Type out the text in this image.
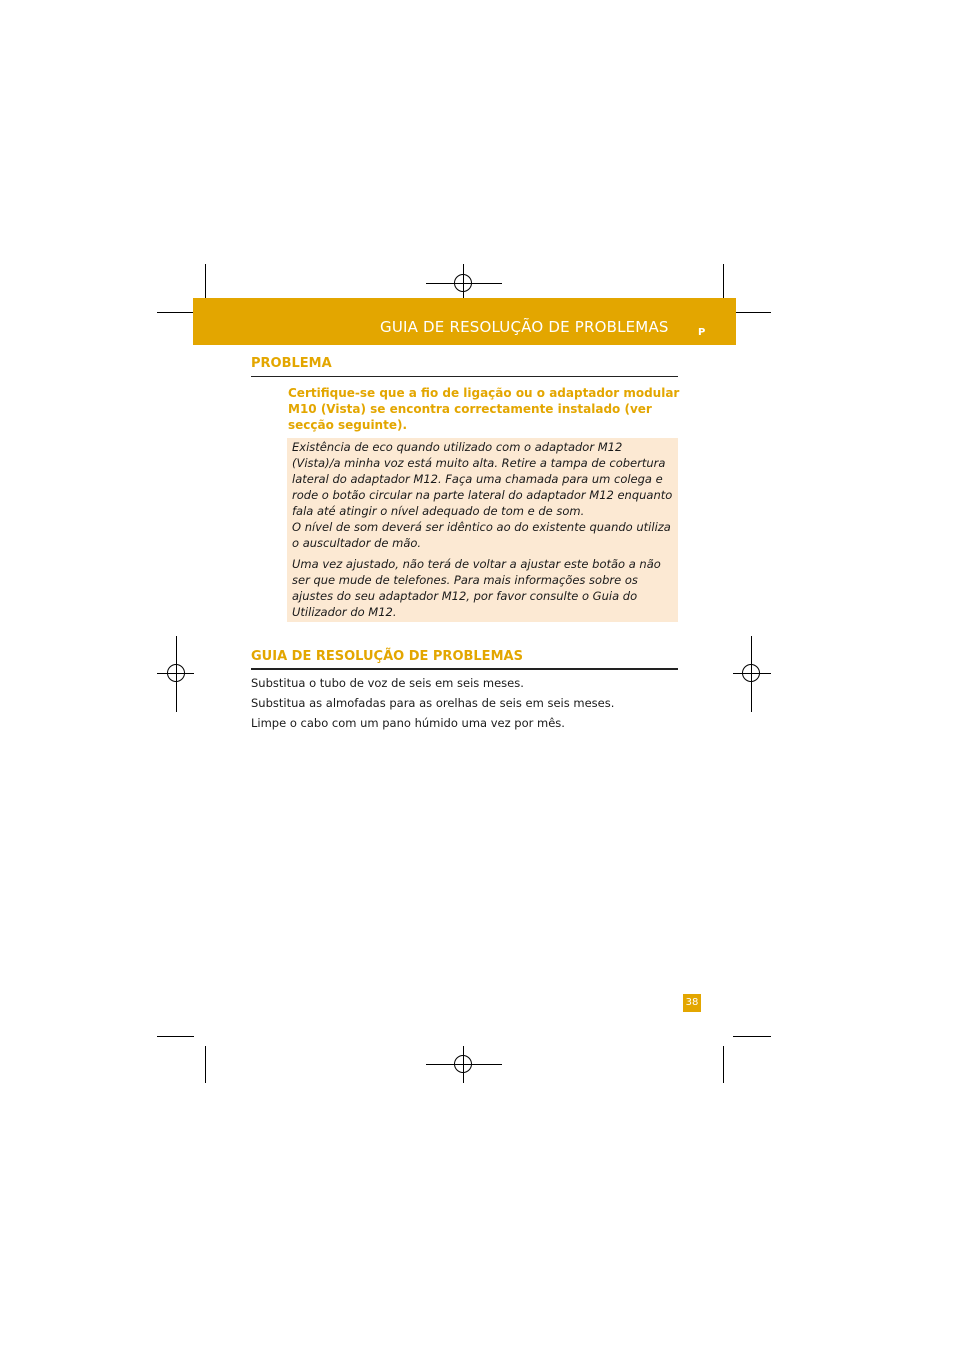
GUIA DE RESOLUÇÃO DE PROBLEMAS	P
PROBLEMA
Certifique-se que a fio de ligação ou o adaptador modular M10 (Vista) se encontra correctamente instalado (ver secção seguinte).

Existência de eco quando utilizado com o adaptador M12 (Vista)/a minha voz está muito alta. Retire a tampa de cobertura lateral do adaptador M12. Faça uma chamada para um colega e rode o botão circular na parte lateral do adaptador M12 enquanto fala até atingir o nível adequado de tom e de som.
O nível de som deverá ser idêntico ao do existente quando utiliza o auscultador de mão.

Uma vez ajustado, não terá de voltar a ajustar este botão a não ser que mude de telefones. Para mais informações sobre os ajustes do seu adaptador M12, por favor consulte o Guia do Utilizador do M12.

GUIA DE RESOLUÇÃO DE PROBLEMAS
Substitua o tubo de voz de seis em seis meses.
Substitua as almofadas para as orelhas de seis em seis meses.
Limpe o cabo com um pano húmido uma vez por mês.
38
